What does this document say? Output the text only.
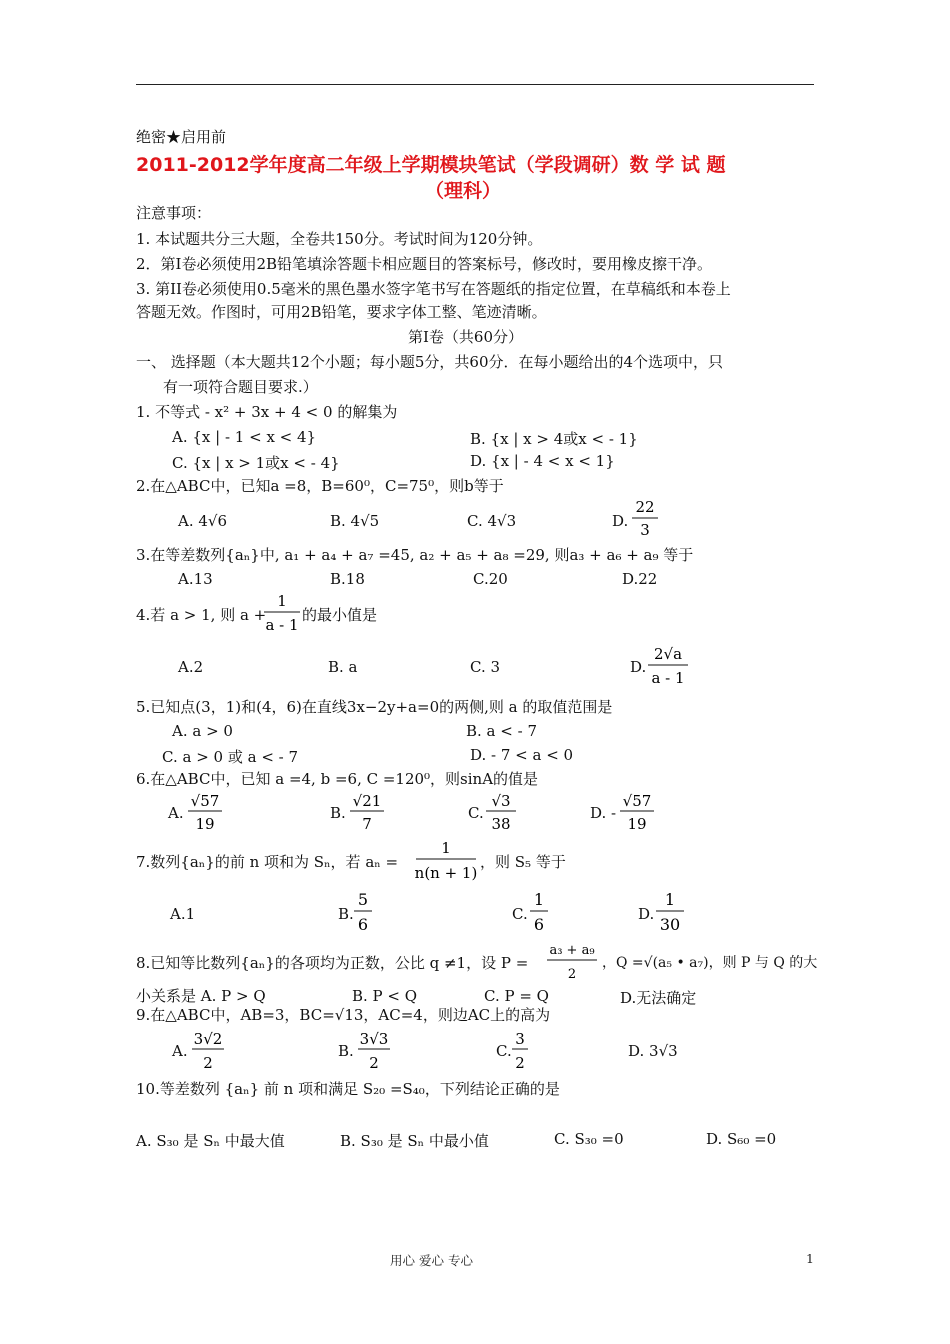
绝密★启用前
2011-2012学年度高二年级上学期模块笔试（学段调研）数 学 试 题
（理科）
注意事项：
1. 本试题共分三大题，全卷共150分。考试时间为120分钟。
2．第Ⅰ卷必须使用2B铅笔填涂答题卡相应题目的答案标号，修改时，要用橡皮擦干净。
3. 第II卷必须使用0.5毫米的黑色墨水签字笔书写在答题纸的指定位置，在草稿纸和本卷上
答题无效。作图时，可用2B铅笔，要求字体工整、笔迹清晰。
第Ⅰ卷（共60分）
一、 选择题（本大题共12个小题；每小题5分，共60分．在每小题给出的4个选项中，只
有一项符合题目要求.）
1. 不等式 - x² + 3x + 4 < 0 的解集为
A. {x | - 1 < x < 4}	B. {x | x > 4或x < - 1}
C. {x | x > 1或x < - 4}	D. {x | - 4 < x < 1}
2.在△ABC中，已知a =8，B=60⁰，C=75⁰，则b等于
A. 4√6	B. 4√5	C. 4√3	D.
22
3
3.在等差数列{aₙ}中, a₁ + a₄ + a₇ =45, a₂ + a₅ + a₈ =29, 则a₃ + a₆ + a₉ 等于
A.13	B.18	C.20	D.22
4.若 a > 1, 则 a +
1
a - 1
的最小值是
A.2	B. a	C. 3	D.
2√a
a - 1
5.已知点(3，1)和(4，6)在直线3x−2y+a=0的两侧,则 a 的取值范围是
A. a > 0	B. a < - 7
C. a > 0 或 a < - 7	D. - 7 < a < 0
6.在△ABC中，已知 a =4, b =6, C =120⁰，则sinA的值是
A.
√57
19
B.
√21
7
C.
√3
38
D. -
√57
19
7.数列{aₙ}的前 n 项和为 Sₙ，若 aₙ =
1
n(n + 1)
，则 S₅ 等于
A.1	B.
5
6
C.
1
6
D.
1
30
8.已知等比数列{aₙ}的各项均为正数，公比 q ≠1，设 P =
a₃ + a₉
2
，Q =√(a₅ • a₇)，则 P 与 Q 的大
小关系是 A. P > Q	B. P < Q	C. P = Q	D.无法确定
9.在△ABC中，AB=3，BC=√13，AC=4，则边AC上的高为
A.
3√2
2
B.
3√3
2
C.
3
2
D. 3√3
10.等差数列 {aₙ} 前 n 项和满足 S₂₀ =S₄₀，下列结论正确的是
A. S₃₀ 是 Sₙ 中最大值	B. S₃₀ 是 Sₙ 中最小值	C. S₃₀ =0	D. S₆₀ =0
用心 爱心 专心	1
